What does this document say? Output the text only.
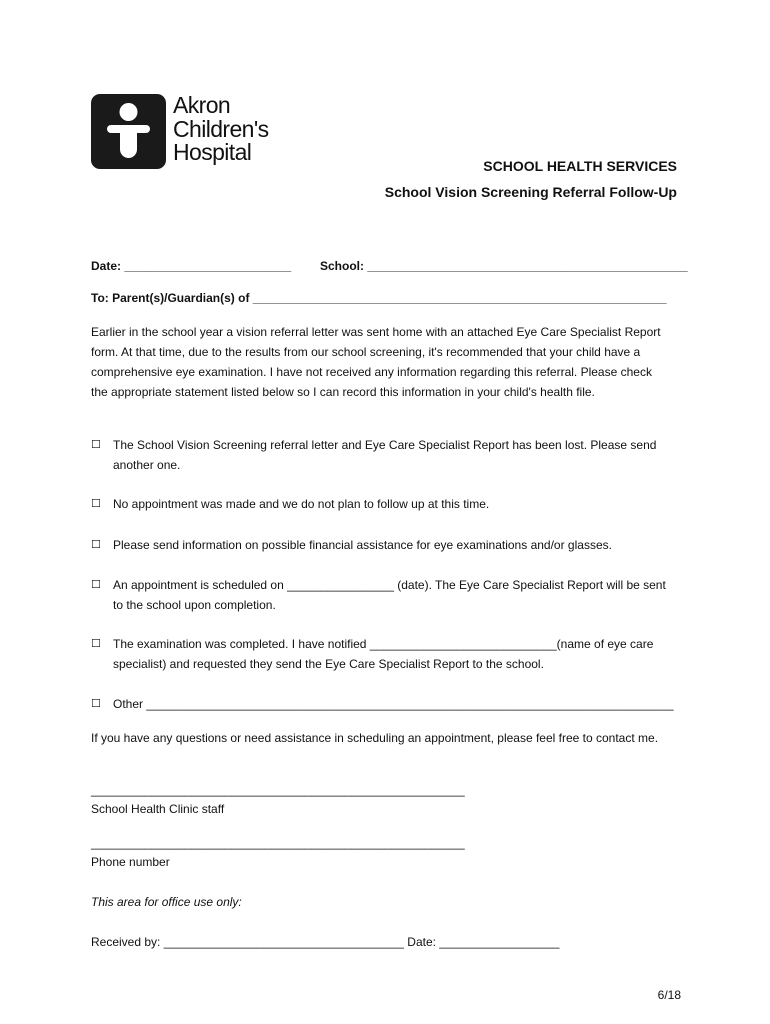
Akron
Children's
Hospital
SCHOOL HEALTH SERVICES
School Vision Screening Referral Follow-Up
Date: _________________________ School: ________________________________________________
To: Parent(s)/Guardian(s) of ______________________________________________________________
Earlier in the school year a vision referral letter was sent home with an attached Eye Care Specialist Report form. At that time, due to the results from our school screening, it's recommended that your child have a comprehensive eye examination. I have not received any information regarding this referral. Please check the appropriate statement listed below so I can record this information in your child's health file.
☐ The School Vision Screening referral letter and Eye Care Specialist Report has been lost. Please send another one.
☐ No appointment was made and we do not plan to follow up at this time.
☐ Please send information on possible financial assistance for eye examinations and/or glasses.
☐ An appointment is scheduled on ________________ (date). The Eye Care Specialist Report will be sent to the school upon completion.
☐ The examination was completed. I have notified ____________________________(name of eye care specialist) and requested they send the Eye Care Specialist Report to the school.
☐ Other _______________________________________________________________________________
If you have any questions or need assistance in scheduling an appointment, please feel free to contact me.
________________________________________________________
School Health Clinic staff
________________________________________________________
Phone number
This area for office use only:
Received by: ____________________________________ Date: __________________
6/18
